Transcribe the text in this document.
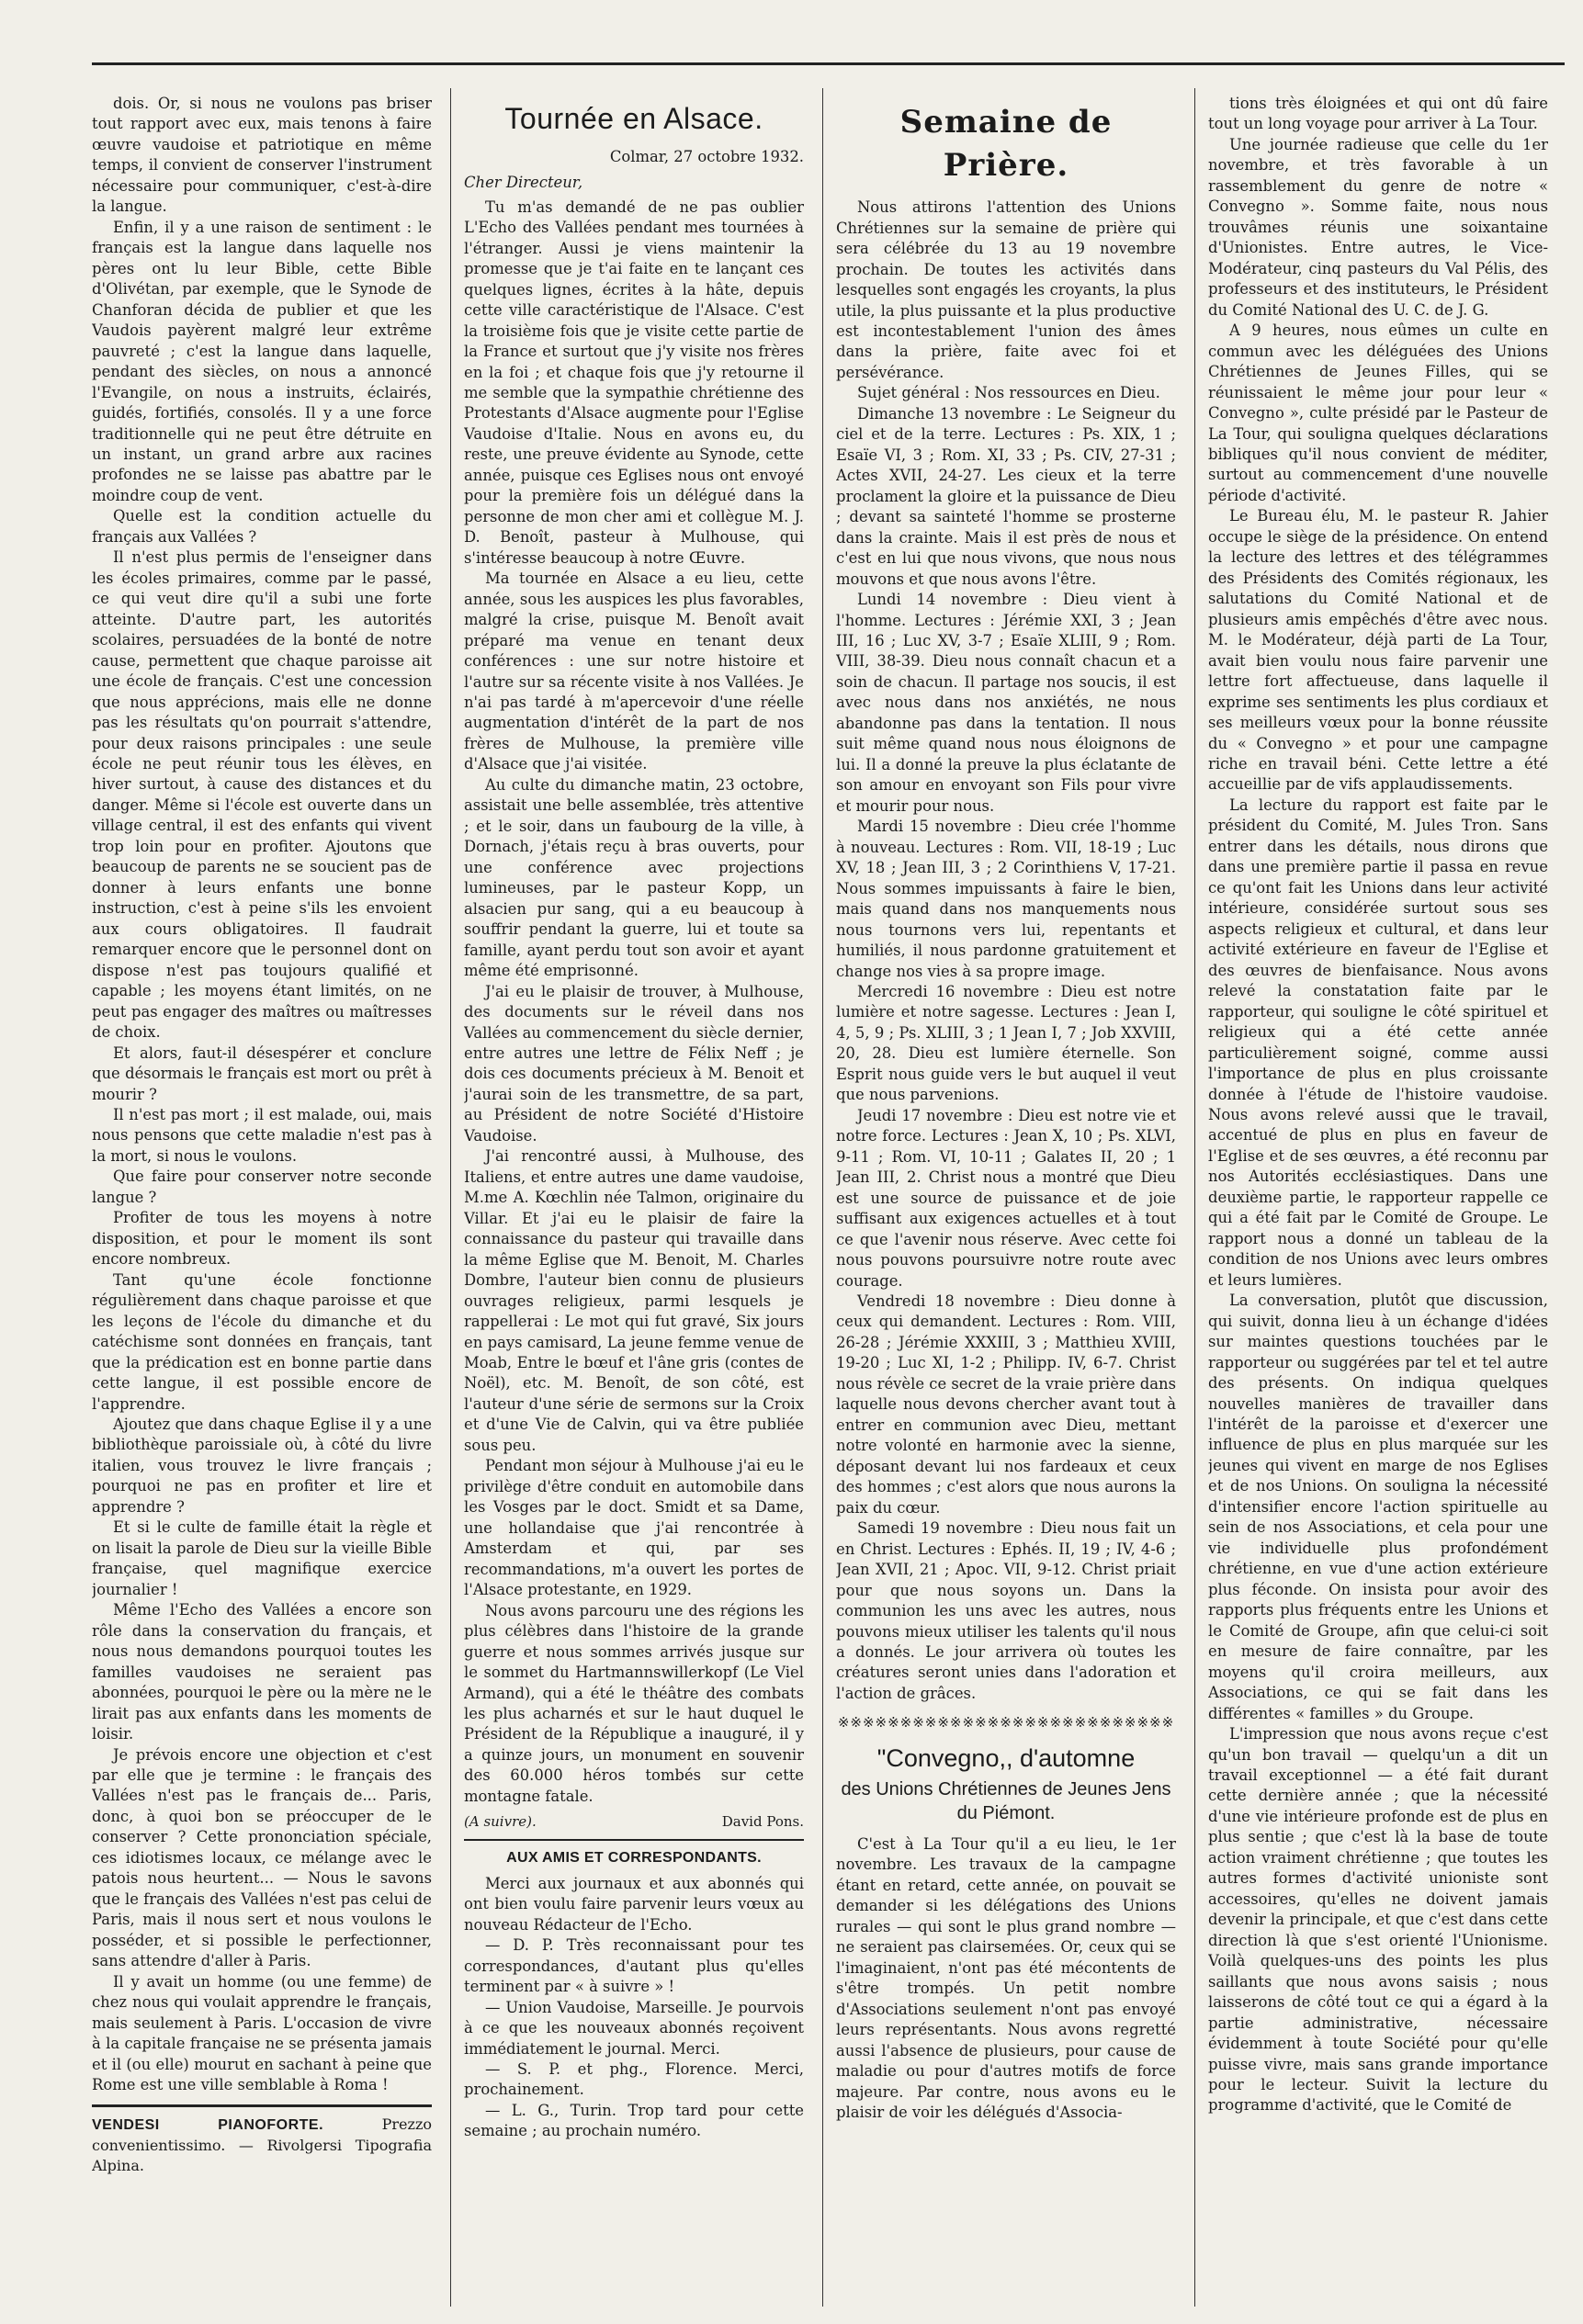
dois. Or, si nous ne voulons pas briser tout rapport avec eux, mais tenons à faire œuvre vaudoise et patriotique en même temps, il convient de conserver l'instrument nécessaire pour communiquer, c'est-à-dire la langue.

Enfin, il y a une raison de sentiment : le français est la langue dans laquelle nos pères ont lu leur Bible, cette Bible d'Olivétan, par exemple, que le Synode de Chanforan décida de publier et que les Vaudois payèrent malgré leur extrême pauvreté ; c'est la langue dans laquelle, pendant des siècles, on nous a annoncé l'Evangile, on nous a instruits, éclairés, guidés, fortifiés, consolés. Il y a une force traditionnelle qui ne peut être détruite en un instant, un grand arbre aux racines profondes ne se laisse pas abattre par le moindre coup de vent.

Quelle est la condition actuelle du français aux Vallées ?

Il n'est plus permis de l'enseigner dans les écoles primaires, comme par le passé, ce qui veut dire qu'il a subi une forte atteinte. D'autre part, les autorités scolaires, persuadées de la bonté de notre cause, permettent que chaque paroisse ait une école de français. C'est une concession que nous apprécions, mais elle ne donne pas les résultats qu'on pourrait s'attendre, pour deux raisons principales : une seule école ne peut réunir tous les élèves, en hiver surtout, à cause des distances et du danger. Même si l'école est ouverte dans un village central, il est des enfants qui vivent trop loin pour en profiter. Ajoutons que beaucoup de parents ne se soucient pas de donner à leurs enfants une bonne instruction, c'est à peine s'ils les envoient aux cours obligatoires. Il faudrait remarquer encore que le personnel dont on dispose n'est pas toujours qualifié et capable ; les moyens étant limités, on ne peut pas engager des maîtres ou maîtresses de choix.

Et alors, faut-il désespérer et conclure que désormais le français est mort ou prêt à mourir ?

Il n'est pas mort ; il est malade, oui, mais nous pensons que cette maladie n'est pas à la mort, si nous le voulons.

Que faire pour conserver notre seconde langue ?

Profiter de tous les moyens à notre disposition, et pour le moment ils sont encore nombreux.

Tant qu'une école fonctionne régulièrement dans chaque paroisse et que les leçons de l'école du dimanche et du catéchisme sont données en français, tant que la prédication est en bonne partie dans cette langue, il est possible encore de l'apprendre.

Ajoutez que dans chaque Eglise il y a une bibliothèque paroissiale où, à côté du livre italien, vous trouvez le livre français ; pourquoi ne pas en profiter et lire et apprendre ?

Et si le culte de famille était la règle et on lisait la parole de Dieu sur la vieille Bible française, quel magnifique exercice journalier !

Même l'Echo des Vallées a encore son rôle dans la conservation du français, et nous nous demandons pourquoi toutes les familles vaudoises ne seraient pas abonnées, pourquoi le père ou la mère ne le lirait pas aux enfants dans les moments de loisir.

Je prévois encore une objection et c'est par elle que je termine : le français des Vallées n'est pas le français de... Paris, donc, à quoi bon se préoccuper de le conserver ? Cette prononciation spéciale, ces idiotismes locaux, ce mélange avec le patois nous heurtent... — Nous le savons que le français des Vallées n'est pas celui de Paris, mais il nous sert et nous voulons le posséder, et si possible le perfectionner, sans attendre d'aller à Paris.

Il y avait un homme (ou une femme) de chez nous qui voulait apprendre le français, mais seulement à Paris. L'occasion de vivre à la capitale française ne se présenta jamais et il (ou elle) mourut en sachant à peine que Rome est une ville semblable à Roma !

VENDESI PIANOFORTE.	Prezzo convenientissimo. — Rivolgersi Tipografia Alpina.
Tournée en Alsace.
Colmar, 27 octobre 1932.
Cher Directeur,

Tu m'as demandé de ne pas oublier L'Echo des Vallées pendant mes tournées à l'étranger. Aussi je viens maintenir la promesse que je t'ai faite en te lançant ces quelques lignes, écrites à la hâte, depuis cette ville caractéristique de l'Alsace. C'est la troisième fois que je visite cette partie de la France et surtout que j'y visite nos frères en la foi ; et chaque fois que j'y retourne il me semble que la sympathie chrétienne des Protestants d'Alsace augmente pour l'Eglise Vaudoise d'Italie. Nous en avons eu, du reste, une preuve évidente au Synode, cette année, puisque ces Eglises nous ont envoyé pour la première fois un délégué dans la personne de mon cher ami et collègue M. J. D. Benoît, pasteur à Mulhouse, qui s'intéresse beaucoup à notre Œuvre.

Ma tournée en Alsace a eu lieu, cette année, sous les auspices les plus favorables, malgré la crise, puisque M. Benoît avait préparé ma venue en tenant deux conférences : une sur notre histoire et l'autre sur sa récente visite à nos Vallées. Je n'ai pas tardé à m'apercevoir d'une réelle augmentation d'intérêt de la part de nos frères de Mulhouse, la première ville d'Alsace que j'ai visitée.

Au culte du dimanche matin, 23 octobre, assistait une belle assemblée, très attentive ; et le soir, dans un faubourg de la ville, à Dornach, j'étais reçu à bras ouverts, pour une conférence avec projections lumineuses, par le pasteur Kopp, un alsacien pur sang, qui a eu beaucoup à souffrir pendant la guerre, lui et toute sa famille, ayant perdu tout son avoir et ayant même été emprisonné.

J'ai eu le plaisir de trouver, à Mulhouse, des documents sur le réveil dans nos Vallées au commencement du siècle dernier, entre autres une lettre de Félix Neff ; je dois ces documents précieux à M. Benoit et j'aurai soin de les transmettre, de sa part, au Président de notre Société d'Histoire Vaudoise.

J'ai rencontré aussi, à Mulhouse, des Italiens, et entre autres une dame vaudoise, M.me A. Kœchlin née Talmon, originaire du Villar. Et j'ai eu le plaisir de faire la connaissance du pasteur qui travaille dans la même Eglise que M. Benoit, M. Charles Dombre, l'auteur bien connu de plusieurs ouvrages religieux, parmi lesquels je rappellerai : Le mot qui fut gravé, Six jours en pays camisard, La jeune femme venue de Moab, Entre le bœuf et l'âne gris (contes de Noël), etc. M. Benoît, de son côté, est l'auteur d'une série de sermons sur la Croix et d'une Vie de Calvin, qui va être publiée sous peu.

Pendant mon séjour à Mulhouse j'ai eu le privilège d'être conduit en automobile dans les Vosges par le doct. Smidt et sa Dame, une hollandaise que j'ai rencontrée à Amsterdam et qui, par ses recommandations, m'a ouvert les portes de l'Alsace protestante, en 1929.

Nous avons parcouru une des régions les plus célèbres dans l'histoire de la grande guerre et nous sommes arrivés jusque sur le sommet du Hartmannswillerkopf (Le Viel Armand), qui a été le théâtre des combats les plus acharnés et sur le haut duquel le Président de la République a inauguré, il y a quinze jours, un monument en souvenir des 60.000 héros tombés sur cette montagne fatale.

(A suivre).	David Pons.
AUX AMIS ET CORRESPONDANTS.

Merci aux journaux et aux abonnés qui ont bien voulu faire parvenir leurs vœux au nouveau Rédacteur de l'Echo.

— D. P. Très reconnaissant pour tes correspondances, d'autant plus qu'elles terminent par « à suivre » !

— Union Vaudoise, Marseille. Je pourvois à ce que les nouveaux abonnés reçoivent immédiatement le journal. Merci.

— S. P. et phg., Florence. Merci, prochainement.

— L. G., Turin. Trop tard pour cette semaine ; au prochain numéro.

Semaine de Prière.

Nous attirons l'attention des Unions Chrétiennes sur la semaine de prière qui sera célébrée du 13 au 19 novembre prochain. De toutes les activités dans lesquelles sont engagés les croyants, la plus utile, la plus puissante et la plus productive est incontestablement l'union des âmes dans la prière, faite avec foi et persévérance.

Sujet général : Nos ressources en Dieu.

Dimanche 13 novembre : Le Seigneur du ciel et de la terre. Lectures : Ps. XIX, 1 ; Esaïe VI, 3 ; Rom. XI, 33 ; Ps. CIV, 27-31 ; Actes XVII, 24-27. Les cieux et la terre proclament la gloire et la puissance de Dieu ; devant sa sainteté l'homme se prosterne dans la crainte. Mais il est près de nous et c'est en lui que nous vivons, que nous nous mouvons et que nous avons l'être.

Lundi 14 novembre : Dieu vient à l'homme. Lectures : Jérémie XXI, 3 ; Jean III, 16 ; Luc XV, 3-7 ; Esaïe XLIII, 9 ; Rom. VIII, 38-39. Dieu nous connaît chacun et a soin de chacun. Il partage nos soucis, il est avec nous dans nos anxiétés, ne nous abandonne pas dans la tentation. Il nous suit même quand nous nous éloignons de lui. Il a donné la preuve la plus éclatante de son amour en envoyant son Fils pour vivre et mourir pour nous.

Mardi 15 novembre : Dieu crée l'homme à nouveau. Lectures : Rom. VII, 18-19 ; Luc XV, 18 ; Jean III, 3 ; 2 Corinthiens V, 17-21. Nous sommes impuissants à faire le bien, mais quand dans nos manquements nous nous tournons vers lui, repentants et humiliés, il nous pardonne gratuitement et change nos vies à sa propre image.

Mercredi 16 novembre : Dieu est notre lumière et notre sagesse. Lectures : Jean I, 4, 5, 9 ; Ps. XLIII, 3 ; 1 Jean I, 7 ; Job XXVIII, 20, 28. Dieu est lumière éternelle. Son Esprit nous guide vers le but auquel il veut que nous parvenions.

Jeudi 17 novembre : Dieu est notre vie et notre force. Lectures : Jean X, 10 ; Ps. XLVI, 9-11 ; Rom. VI, 10-11 ; Galates II, 20 ; 1 Jean III, 2. Christ nous a montré que Dieu est une source de puissance et de joie suffisant aux exigences actuelles et à tout ce que l'avenir nous réserve. Avec cette foi nous pouvons poursuivre notre route avec courage.

Vendredi 18 novembre : Dieu donne à ceux qui demandent. Lectures : Rom. VIII, 26-28 ; Jérémie XXXIII, 3 ; Matthieu XVIII, 19-20 ; Luc XI, 1-2 ; Philipp. IV, 6-7. Christ nous révèle ce secret de la vraie prière dans laquelle nous devons chercher avant tout à entrer en communion avec Dieu, mettant notre volonté en harmonie avec la sienne, déposant devant lui nos fardeaux et ceux des hommes ; c'est alors que nous aurons la paix du cœur.

Samedi 19 novembre : Dieu nous fait un en Christ. Lectures : Ephés. II, 19 ; IV, 4-6 ; Jean XVII, 21 ; Apoc. VII, 9-12. Christ priait pour que nous soyons un. Dans la communion les uns avec les autres, nous pouvons mieux utiliser les talents qu'il nous a donnés. Le jour arrivera où toutes les créatures seront unies dans l'adoration et l'action de grâces.

※※※※※※※※※※※※※※※※※※※※※※※※※※※
"Convegno,, d'automne
des Unions Chrétiennes de Jeunes Jens du Piémont.

C'est à La Tour qu'il a eu lieu, le 1er novembre. Les travaux de la campagne étant en retard, cette année, on pouvait se demander si les délégations des Unions rurales — qui sont le plus grand nombre — ne seraient pas clairsemées. Or, ceux qui se l'imaginaient, n'ont pas été mécontents de s'être trompés. Un petit nombre d'Associations seulement n'ont pas envoyé leurs représentants. Nous avons regretté aussi l'absence de plusieurs, pour cause de maladie ou pour d'autres motifs de force majeure. Par contre, nous avons eu le plaisir de voir les délégués d'Associa-

tions très éloignées et qui ont dû faire tout un long voyage pour arriver à La Tour.

Une journée radieuse que celle du 1er novembre, et très favorable à un rassemblement du genre de notre « Convegno ». Somme faite, nous nous trouvâmes réunis une soixantaine d'Unionistes. Entre autres, le Vice-Modérateur, cinq pasteurs du Val Pélis, des professeurs et des instituteurs, le Président du Comité National des U. C. de J. G.

A 9 heures, nous eûmes un culte en commun avec les déléguées des Unions Chrétiennes de Jeunes Filles, qui se réunissaient le même jour pour leur « Convegno », culte présidé par le Pasteur de La Tour, qui souligna quelques déclarations bibliques qu'il nous convient de méditer, surtout au commencement d'une nouvelle période d'activité.

Le Bureau élu, M. le pasteur R. Jahier occupe le siège de la présidence. On entend la lecture des lettres et des télégrammes des Présidents des Comités régionaux, les salutations du Comité National et de plusieurs amis empêchés d'être avec nous. M. le Modérateur, déjà parti de La Tour, avait bien voulu nous faire parvenir une lettre fort affectueuse, dans laquelle il exprime ses sentiments les plus cordiaux et ses meilleurs vœux pour la bonne réussite du « Convegno » et pour une campagne riche en travail béni. Cette lettre a été accueillie par de vifs applaudissements.

La lecture du rapport est faite par le président du Comité, M. Jules Tron. Sans entrer dans les détails, nous dirons que dans une première partie il passa en revue ce qu'ont fait les Unions dans leur activité intérieure, considérée surtout sous ses aspects religieux et cultural, et dans leur activité extérieure en faveur de l'Eglise et des œuvres de bienfaisance. Nous avons relevé la constatation faite par le rapporteur, qui souligne le côté spirituel et religieux qui a été cette année particulièrement soigné, comme aussi l'importance de plus en plus croissante donnée à l'étude de l'histoire vaudoise. Nous avons relevé aussi que le travail, accentué de plus en plus en faveur de l'Eglise et de ses œuvres, a été reconnu par nos Autorités ecclésiastiques. Dans une deuxième partie, le rapporteur rappelle ce qui a été fait par le Comité de Groupe. Le rapport nous a donné un tableau de la condition de nos Unions avec leurs ombres et leurs lumières.

La conversation, plutôt que discussion, qui suivit, donna lieu à un échange d'idées sur maintes questions touchées par le rapporteur ou suggérées par tel et tel autre des présents. On indiqua quelques nouvelles manières de travailler dans l'intérêt de la paroisse et d'exercer une influence de plus en plus marquée sur les jeunes qui vivent en marge de nos Eglises et de nos Unions. On souligna la nécessité d'intensifier encore l'action spirituelle au sein de nos Associations, et cela pour une vie individuelle plus profondément chrétienne, en vue d'une action extérieure plus féconde. On insista pour avoir des rapports plus fréquents entre les Unions et le Comité de Groupe, afin que celui-ci soit en mesure de faire connaître, par les moyens qu'il croira meilleurs, aux Associations, ce qui se fait dans les différentes « familles » du Groupe.

L'impression que nous avons reçue c'est qu'un bon travail — quelqu'un a dit un travail exceptionnel — a été fait durant cette dernière année ; que la nécessité d'une vie intérieure profonde est de plus en plus sentie ; que c'est là la base de toute action vraiment chrétienne ; que toutes les autres formes d'activité unioniste sont accessoires, qu'elles ne doivent jamais devenir la principale, et que c'est dans cette direction là que s'est orienté l'Unionisme. Voilà quelques-uns des points les plus saillants que nous avons saisis ; nous laisserons de côté tout ce qui a égard à la partie administrative, nécessaire évidemment à toute Société pour qu'elle puisse vivre, mais sans grande importance pour le lecteur. Suivit la lecture du programme d'activité, que le Comité de
